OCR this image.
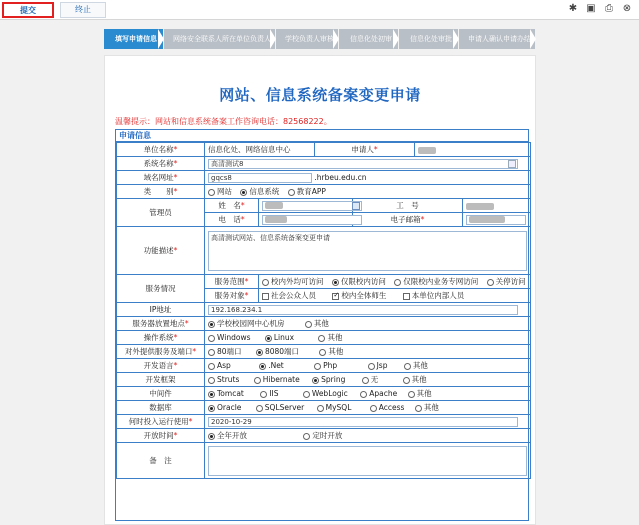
提交	终止	✱ ▣ ⎙ ⊗
填写申请信息	网络安全联系人所在单位负责人	学校负责人审核	信息化处初审	信息化处审批	申请人确认申请办结
网站、信息系统备案变更申请
温馨提示：网站和信息系统备案工作咨询电话：82568222。
申请信息
单位名称*	信息化处、网络信息中心		申请人*			
系统名称*	高清测试8					
域名网址*	gqcs8 .hrbeu.edu.cn					
类　　别*	网站 信息系统 教育APP					
管理员	姓　名*			工　号		
	电　话*			电子邮箱*		
功能描述*	高清测试网站、信息系统备案变更申请					

服务情况	服务范围*	校内外均可访问 仅限校内访问 仅限校内业务专网访问 关停访问				
	服务对象*	社会公众人员 ✓ 校内全体师生 本单位内部人员
IP地址	192.168.234.1					
服务器放置地点*	学校校园网中心机房 其他					
操作系统*	Windows Linux 其他					
对外提供服务及端口*	80端口 8080端口 其他					
开发语言*	Asp .Net Php Jsp 其他					
开发框架	Struts Hibernate Spring 无 其他					
中间件	Tomcat IIS WebLogic Apache 其他					
数据库	Oracle SQLServer MySQL Access 其他					
何时投入运行使用*	2020-10-29					
开放时间*	全年开放 定时开放					
备　注						
